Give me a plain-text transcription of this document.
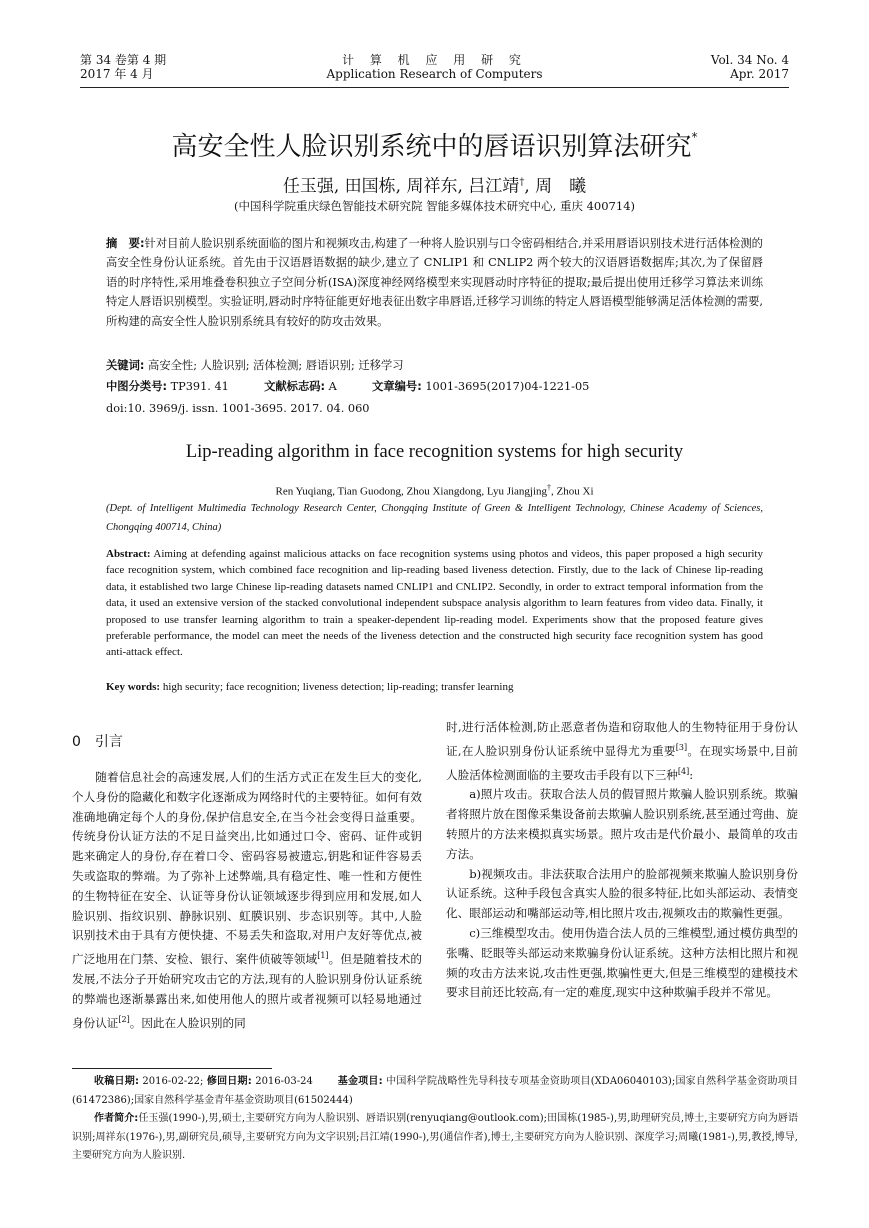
第 34 卷第 4 期
2017 年 4 月
计 算 机 应 用 研 究
Application Research of Computers
Vol. 34 No. 4
Apr. 2017
高安全性人脸识别系统中的唇语识别算法研究*
任玉强, 田国栋, 周祥东, 吕江靖†, 周　曦
(中国科学院重庆绿色智能技术研究院 智能多媒体技术研究中心, 重庆 400714)
摘　要:针对目前人脸识别系统面临的图片和视频攻击,构建了一种将人脸识别与口令密码相结合,并采用唇语识别技术进行活体检测的高安全性身份认证系统。首先由于汉语唇语数据的缺少,建立了 CNLIP1 和 CNLIP2 两个较大的汉语唇语数据库;其次,为了保留唇语的时序特性,采用堆叠卷积独立子空间分析(ISA)深度神经网络模型来实现唇动时序特征的提取;最后提出使用迁移学习算法来训练特定人唇语识别模型。实验证明,唇动时序特征能更好地表征出数字串唇语,迁移学习训练的特定人唇语模型能够满足活体检测的需要,所构建的高安全性人脸识别系统具有较好的防攻击效果。
关键词: 高安全性; 人脸识别; 活体检测; 唇语识别; 迁移学习
中图分类号: TP391. 41	文献标志码: A	文章编号: 1001-3695(2017)04-1221-05
doi:10. 3969/j. issn. 1001-3695. 2017. 04. 060
Lip-reading algorithm in face recognition systems for high security
Ren Yuqiang, Tian Guodong, Zhou Xiangdong, Lyu Jiangjing†, Zhou Xi
(Dept. of Intelligent Multimedia Technology Research Center, Chongqing Institute of Green & Intelligent Technology, Chinese Academy of Sciences, Chongqing 400714, China)
Abstract: Aiming at defending against malicious attacks on face recognition systems using photos and videos, this paper proposed a high security face recognition system, which combined face recognition and lip-reading based liveness detection. Firstly, due to the lack of Chinese lip-reading data, it established two large Chinese lip-reading datasets named CNLIP1 and CNLIP2. Secondly, in order to extract temporal information from the data, it used an extensive version of the stacked convolutional independent subspace analysis algorithm to learn features from video data. Finally, it proposed to use transfer learning algorithm to train a speaker-dependent lip-reading model. Experiments show that the proposed feature gives preferable performance, the model can meet the needs of the liveness detection and the constructed high security face recognition system has good anti-attack effect.
Key words: high security; face recognition; liveness detection; lip-reading; transfer learning
0　引言

随着信息社会的高速发展,人们的生活方式正在发生巨大的变化,个人身份的隐藏化和数字化逐渐成为网络时代的主要特征。如何有效准确地确定每个人的身份,保护信息安全,在当今社会变得日益重要。传统身份认证方法的不足日益突出,比如通过口令、密码、证件或钥匙来确定人的身份,存在着口令、密码容易被遗忘,钥匙和证件容易丢失或盗取的弊端。为了弥补上述弊端,具有稳定性、唯一性和方便性的生物特征在安全、认证等身份认证领域逐步得到应用和发展,如人脸识别、指纹识别、静脉识别、虹膜识别、步态识别等。其中,人脸识别技术由于具有方便快捷、不易丢失和盗取,对用户友好等优点,被广泛地用在门禁、安检、银行、案件侦破等领域[1]。但是随着技术的发展,不法分子开始研究攻击它的方法,现有的人脸识别身份认证系统的弊端也逐渐暴露出来,如使用他人的照片或者视频可以轻易地通过身份认证[2]。因此在人脸识别的同

时,进行活体检测,防止恶意者伪造和窃取他人的生物特征用于身份认证,在人脸识别身份认证系统中显得尤为重要[3]。在现实场景中,目前人脸活体检测面临的主要攻击手段有以下三种[4]:

a)照片攻击。获取合法人员的假冒照片欺骗人脸识别系统。欺骗者将照片放在图像采集设备前去欺骗人脸识别系统,甚至通过弯曲、旋转照片的方法来模拟真实场景。照片攻击是代价最小、最简单的攻击方法。

b)视频攻击。非法获取合法用户的脸部视频来欺骗人脸识别身份认证系统。这种手段包含真实人脸的很多特征,比如头部运动、表情变化、眼部运动和嘴部运动等,相比照片攻击,视频攻击的欺骗性更强。

c)三维模型攻击。使用伪造合法人员的三维模型,通过模仿典型的张嘴、眨眼等头部运动来欺骗身份认证系统。这种方法相比照片和视频的攻击方法来说,攻击性更强,欺骗性更大,但是三维模型的建模技术要求目前还比较高,有一定的难度,现实中这种欺骗手段并不常见。

收稿日期: 2016-02-22; 修回日期: 2016-03-24 基金项目: 中国科学院战略性先导科技专项基金资助项目(XDA06040103);国家自然科学基金资助项目(61472386);国家自然科学基金青年基金资助项目(61502444)

作者简介:任玉强(1990-),男,硕士,主要研究方向为人脸识别、唇语识别(renyuqiang@outlook.com);田国栋(1985-),男,助理研究员,博士,主要研究方向为唇语识别;周祥东(1976-),男,副研究员,硕导,主要研究方向为文字识别;吕江靖(1990-),男(通信作者),博士,主要研究方向为人脸识别、深度学习;周曦(1981-),男,教授,博导,主要研究方向为人脸识别.
